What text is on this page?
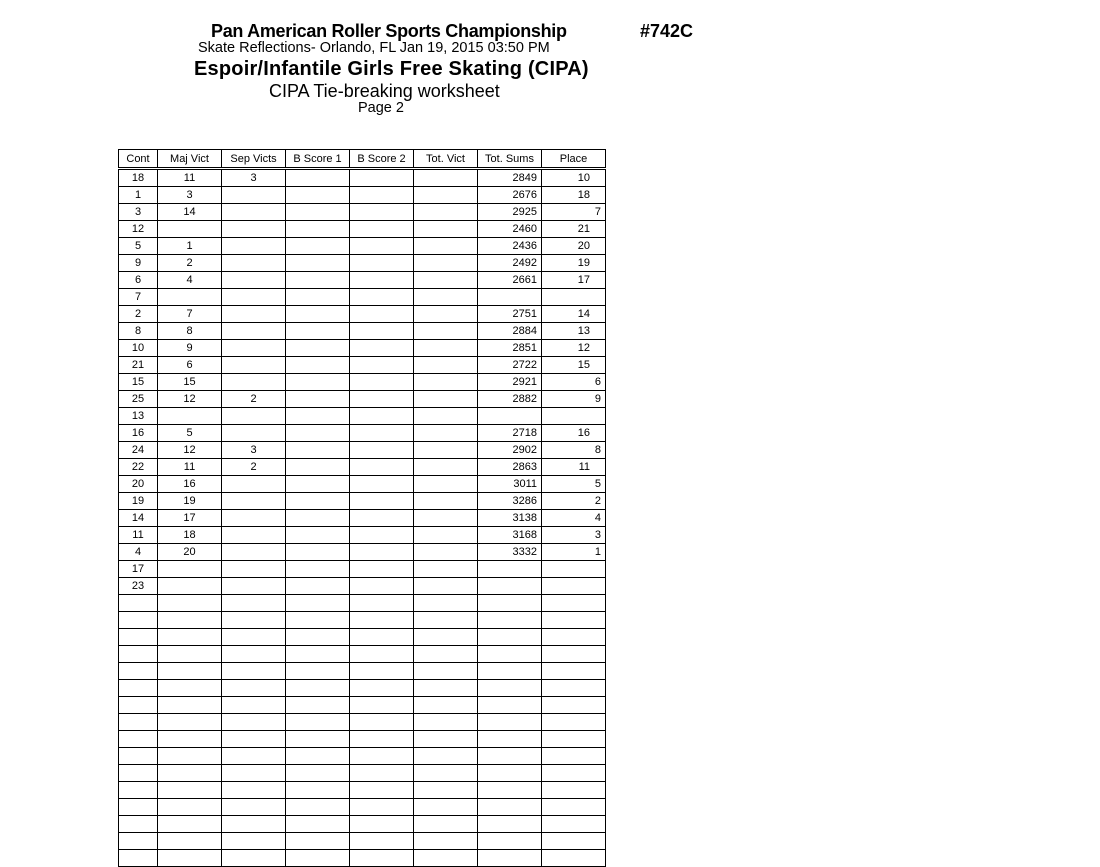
Pan American Roller Sports Championship	#742C
Skate Reflections- Orlando, FL Jan 19, 2015 03:50 PM
Espoir/Infantile Girls Free Skating (CIPA)
CIPA Tie-breaking worksheet
Page 2
Cont	Maj Vict	Sep Victs	B Score 1	B Score 2	Tot. Vict	Tot. Sums	Place
18	11	3				2849	10
1	3					2676	18
3	14					2925	7
12						2460	21
5	1					2436	20
9	2					2492	19
6	4					2661	17
7							
2	7					2751	14
8	8					2884	13
10	9					2851	12
21	6					2722	15
15	15					2921	6
25	12	2				2882	9
13							
16	5					2718	16
24	12	3				2902	8
22	11	2				2863	11
20	16					3011	5
19	19					3286	2
14	17					3138	4
11	18					3168	3
4	20					3332	1
17							
23							
